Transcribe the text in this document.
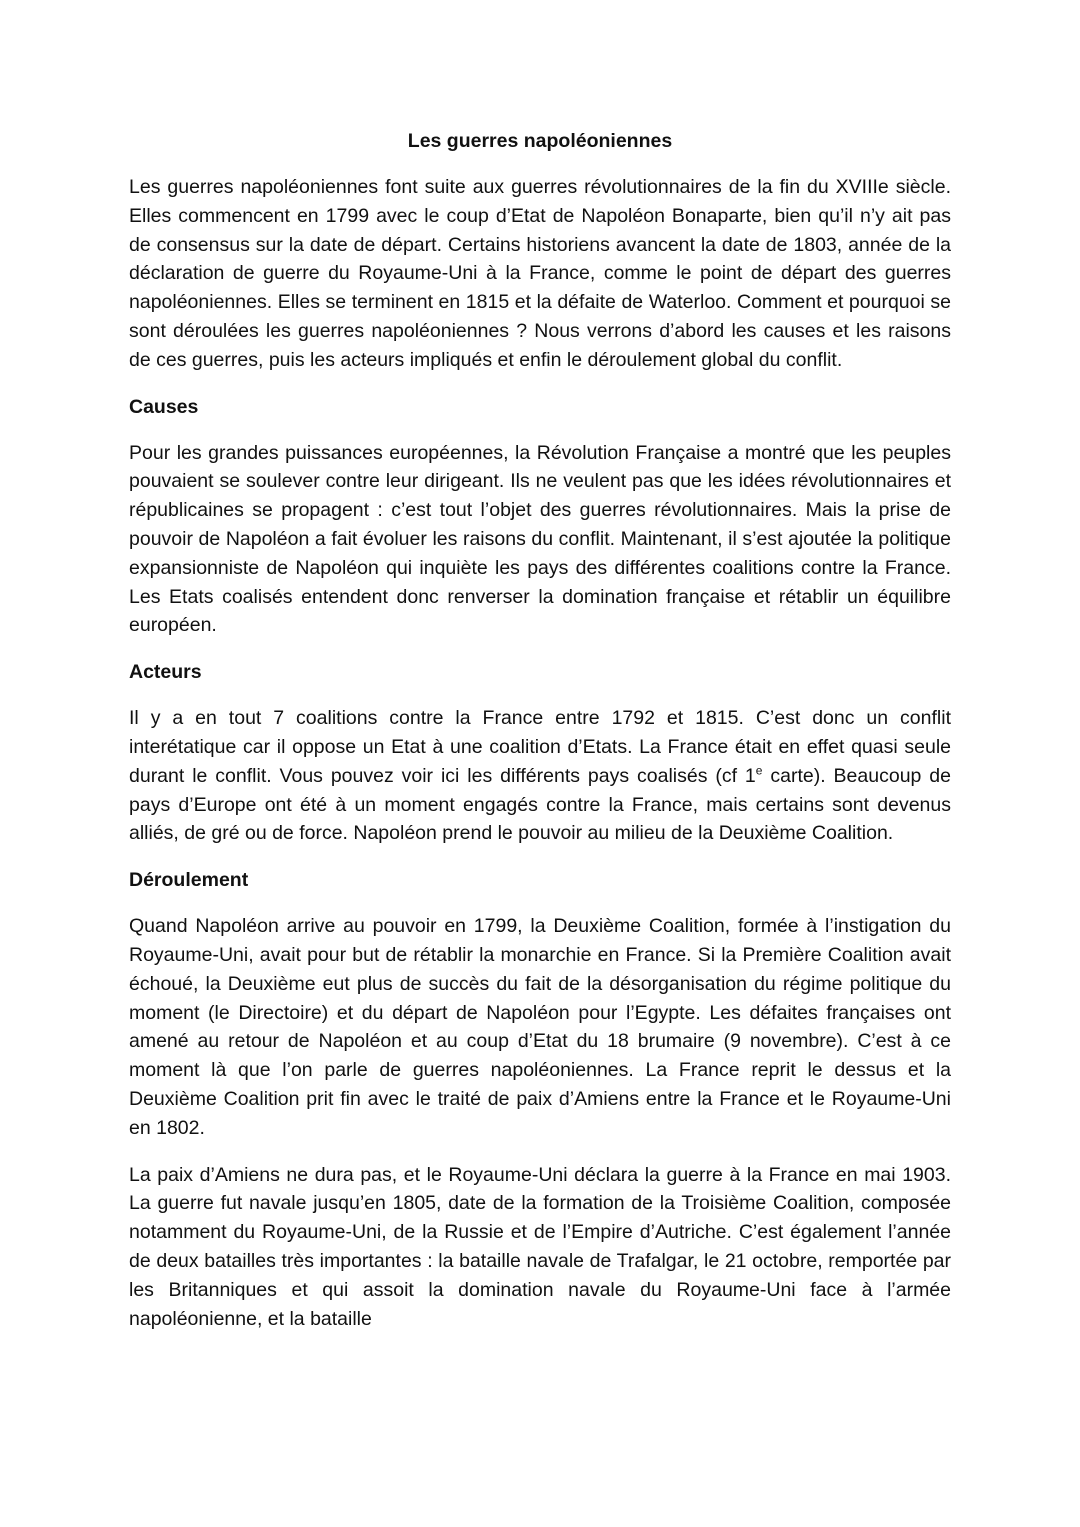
Les guerres napoléoniennes

Les guerres napoléoniennes font suite aux guerres révolutionnaires de la fin du XVIIIe siècle. Elles commencent en 1799 avec le coup d’Etat de Napoléon Bonaparte, bien qu’il n’y ait pas de consensus sur la date de départ. Certains historiens avancent la date de 1803, année de la déclaration de guerre du Royaume-Uni à la France, comme le point de départ des guerres napoléoniennes. Elles se terminent en 1815 et la défaite de Waterloo. Comment et pourquoi se sont déroulées les guerres napoléoniennes ? Nous verrons d’abord les causes et les raisons de ces guerres, puis les acteurs impliqués et enfin le déroulement global du conflit.

Causes

Pour les grandes puissances européennes, la Révolution Française a montré que les peuples pouvaient se soulever contre leur dirigeant. Ils ne veulent pas que les idées révolutionnaires et républicaines se propagent : c’est tout l’objet des guerres révolutionnaires. Mais la prise de pouvoir de Napoléon a fait évoluer les raisons du conflit. Maintenant, il s’est ajoutée la politique expansionniste de Napoléon qui inquiète les pays des différentes coalitions contre la France. Les Etats coalisés entendent donc renverser la domination française et rétablir un équilibre européen.

Acteurs

Il y a en tout 7 coalitions contre la France entre 1792 et 1815. C’est donc un conflit interétatique car il oppose un Etat à une coalition d’Etats. La France était en effet quasi seule durant le conflit. Vous pouvez voir ici les différents pays coalisés (cf 1e carte). Beaucoup de pays d’Europe ont été à un moment engagés contre la France, mais certains sont devenus alliés, de gré ou de force. Napoléon prend le pouvoir au milieu de la Deuxième Coalition.

Déroulement

Quand Napoléon arrive au pouvoir en 1799, la Deuxième Coalition, formée à l’instigation du Royaume-Uni, avait pour but de rétablir la monarchie en France. Si la Première Coalition avait échoué, la Deuxième eut plus de succès du fait de la désorganisation du régime politique du moment (le Directoire) et du départ de Napoléon pour l’Egypte. Les défaites françaises ont amené au retour de Napoléon et au coup d’Etat du 18 brumaire (9 novembre). C’est à ce moment là que l’on parle de guerres napoléoniennes. La France reprit le dessus et la Deuxième Coalition prit fin avec le traité de paix d’Amiens entre la France et le Royaume-Uni en 1802.

La paix d’Amiens ne dura pas, et le Royaume-Uni déclara la guerre à la France en mai 1903. La guerre fut navale jusqu’en 1805, date de la formation de la Troisième Coalition, composée notamment du Royaume-Uni, de la Russie et de l’Empire d’Autriche. C’est également l’année de deux batailles très importantes : la bataille navale de Trafalgar, le 21 octobre, remportée par les Britanniques et qui assoit la domination navale du Royaume-Uni face à l’armée napoléonienne, et la bataille
